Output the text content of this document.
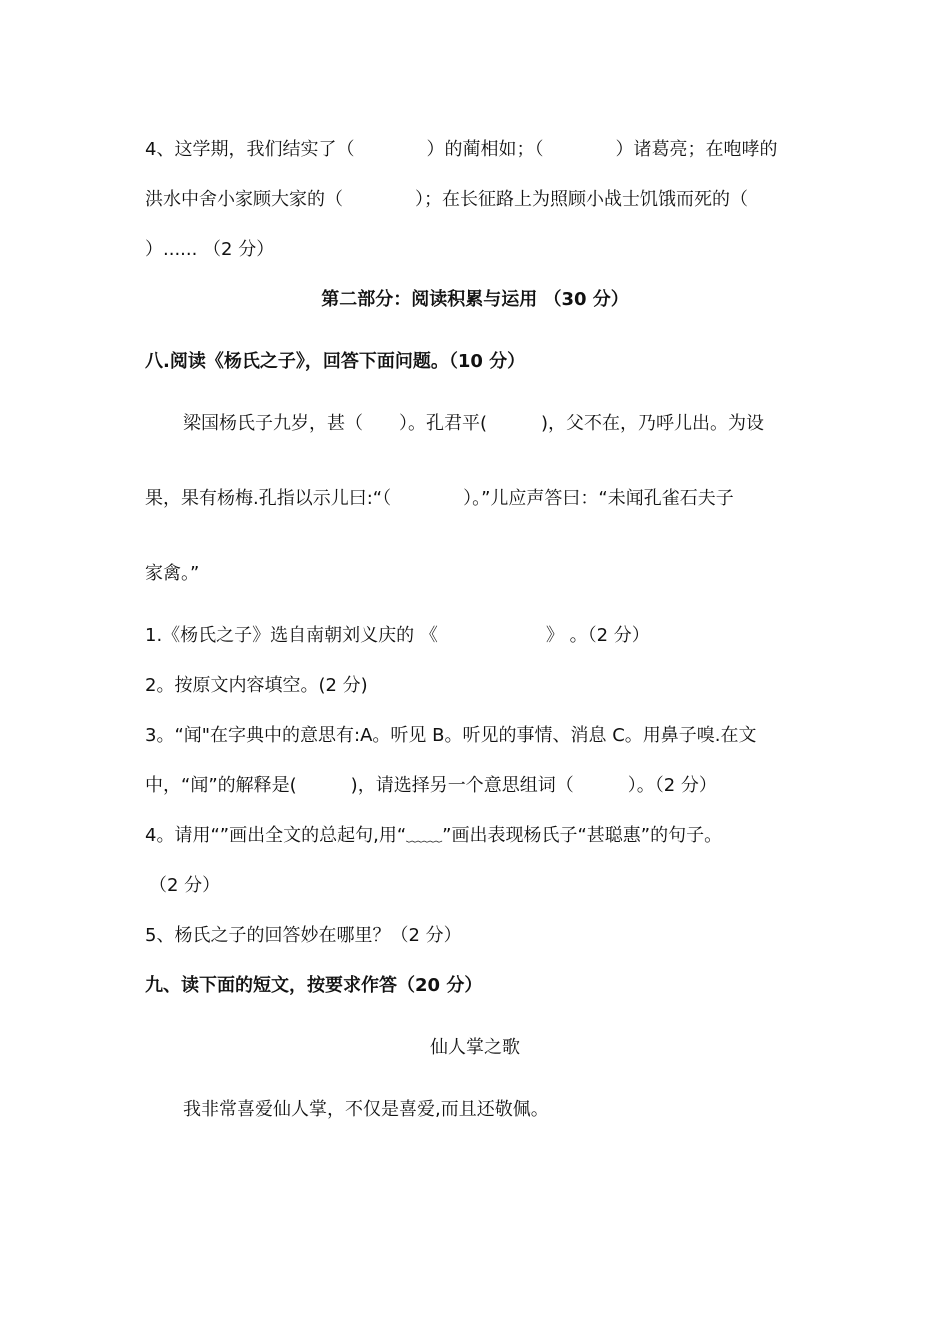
4、这学期，我们结实了（　　　　）的蔺相如；（　　　　）诸葛亮；在咆哮的
洪水中舍小家顾大家的（　　　　）；在长征路上为照顾小战士饥饿而死的（
）...... （2 分）
第二部分：阅读积累与运用 （30 分）
八.阅读《杨氏之子》，回答下面问题。（10 分）
梁国杨氏子九岁，甚（　　）。孔君平(　　　)，父不在，乃呼儿出。为设
果，果有杨梅.孔指以示儿曰:“（　　　　）。”儿应声答曰：“未闻孔雀石夫子
家禽。”
1.《杨氏之子》选自南朝刘义庆的 《　　　　　　》 。（2 分）
2。按原文内容填空。(2 分)
3。“闻"在字典中的意思有:A。听见 B。听见的事情、消息 C。用鼻子嗅.在文
中，“闻”的解释是(　　　)，请选择另一个意思组词（　　　）。（2 分）
4。请用“”画出全文的总起句,用“﹏﹏”画出表现杨氏子“甚聪惠”的句子。
（2 分）
5、杨氏之子的回答妙在哪里？（2 分）
九、读下面的短文，按要求作答（20 分）
仙人掌之歌
我非常喜爱仙人掌，不仅是喜爱,而且还敬佩。
